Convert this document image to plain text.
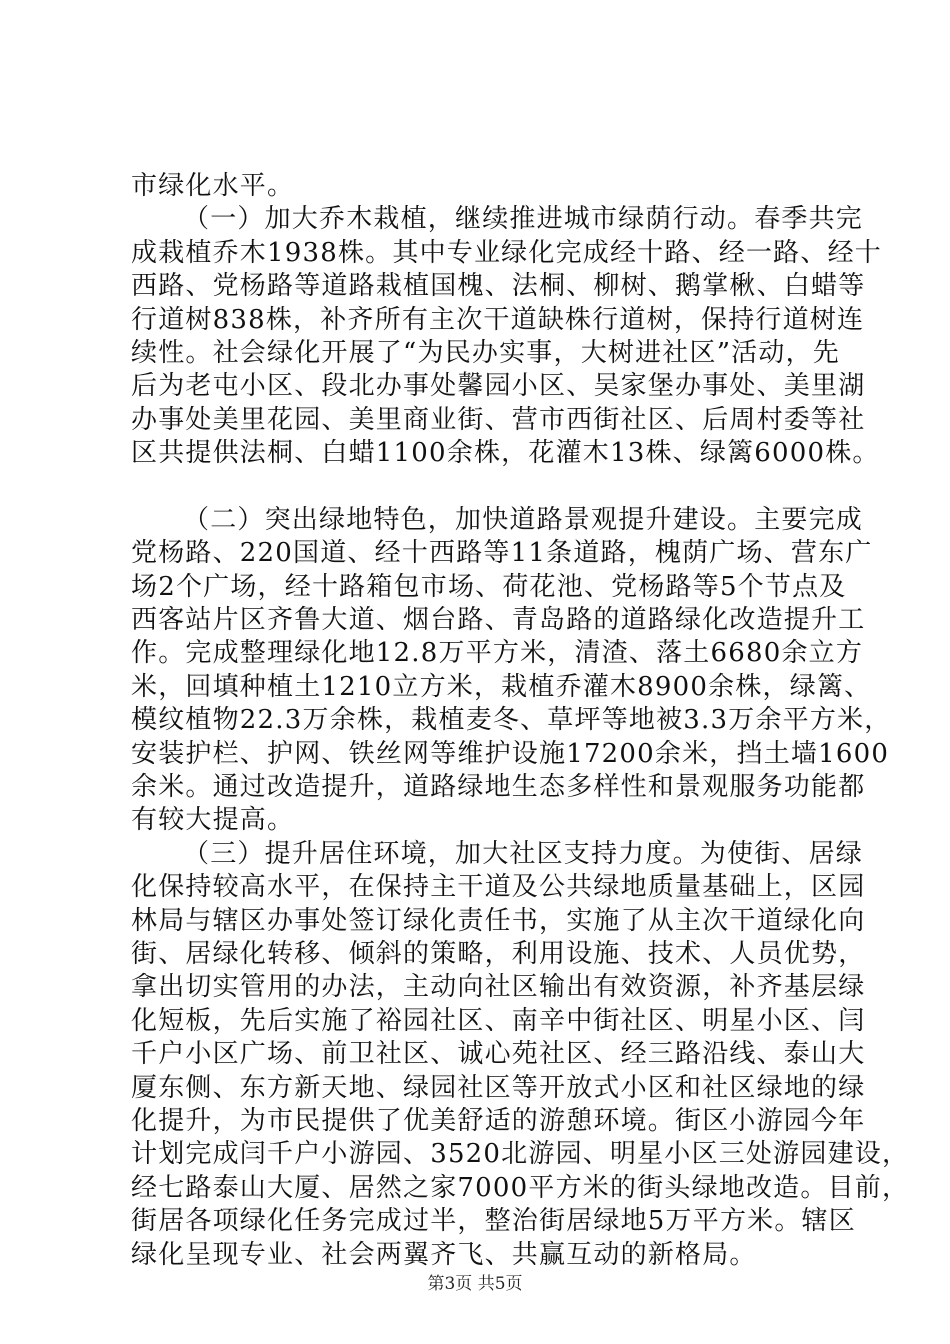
市绿化水平。
（一）加大乔木栽植，继续推进城市绿荫行动。春季共完
成栽植乔木1938株。其中专业绿化完成经十路、经一路、经十
西路、党杨路等道路栽植国槐、法桐、柳树、鹅掌楸、白蜡等
行道树838株，补齐所有主次干道缺株行道树，保持行道树连
续性。社会绿化开展了“为民办实事，大树进社区”活动，先
后为老屯小区、段北办事处馨园小区、吴家堡办事处、美里湖
办事处美里花园、美里商业街、营市西街社区、后周村委等社
区共提供法桐、白蜡1100余株，花灌木13株、绿篱6000株。
（二）突出绿地特色，加快道路景观提升建设。主要完成
党杨路、220国道、经十西路等11条道路，槐荫广场、营东广
场2个广场，经十路箱包市场、荷花池、党杨路等5个节点及
西客站片区齐鲁大道、烟台路、青岛路的道路绿化改造提升工
作。完成整理绿化地12.8万平方米，清渣、落土6680余立方
米，回填种植土1210立方米，栽植乔灌木8900余株，绿篱、
模纹植物22.3万余株，栽植麦冬、草坪等地被3.3万余平方米，
安装护栏、护网、铁丝网等维护设施17200余米，挡土墙1600
余米。通过改造提升，道路绿地生态多样性和景观服务功能都
有较大提高。
（三）提升居住环境，加大社区支持力度。为使街、居绿
化保持较高水平，在保持主干道及公共绿地质量基础上，区园
林局与辖区办事处签订绿化责任书，实施了从主次干道绿化向
街、居绿化转移、倾斜的策略，利用设施、技术、人员优势，
拿出切实管用的办法，主动向社区输出有效资源，补齐基层绿
化短板，先后实施了裕园社区、南辛中街社区、明星小区、闫
千户小区广场、前卫社区、诚心苑社区、经三路沿线、泰山大
厦东侧、东方新天地、绿园社区等开放式小区和社区绿地的绿
化提升，为市民提供了优美舒适的游憩环境。街区小游园今年
计划完成闫千户小游园、3520北游园、明星小区三处游园建设，
经七路泰山大厦、居然之家7000平方米的街头绿地改造。目前，
街居各项绿化任务完成过半，整治街居绿地5万平方米。辖区
绿化呈现专业、社会两翼齐飞、共赢互动的新格局。
第3页 共5页
